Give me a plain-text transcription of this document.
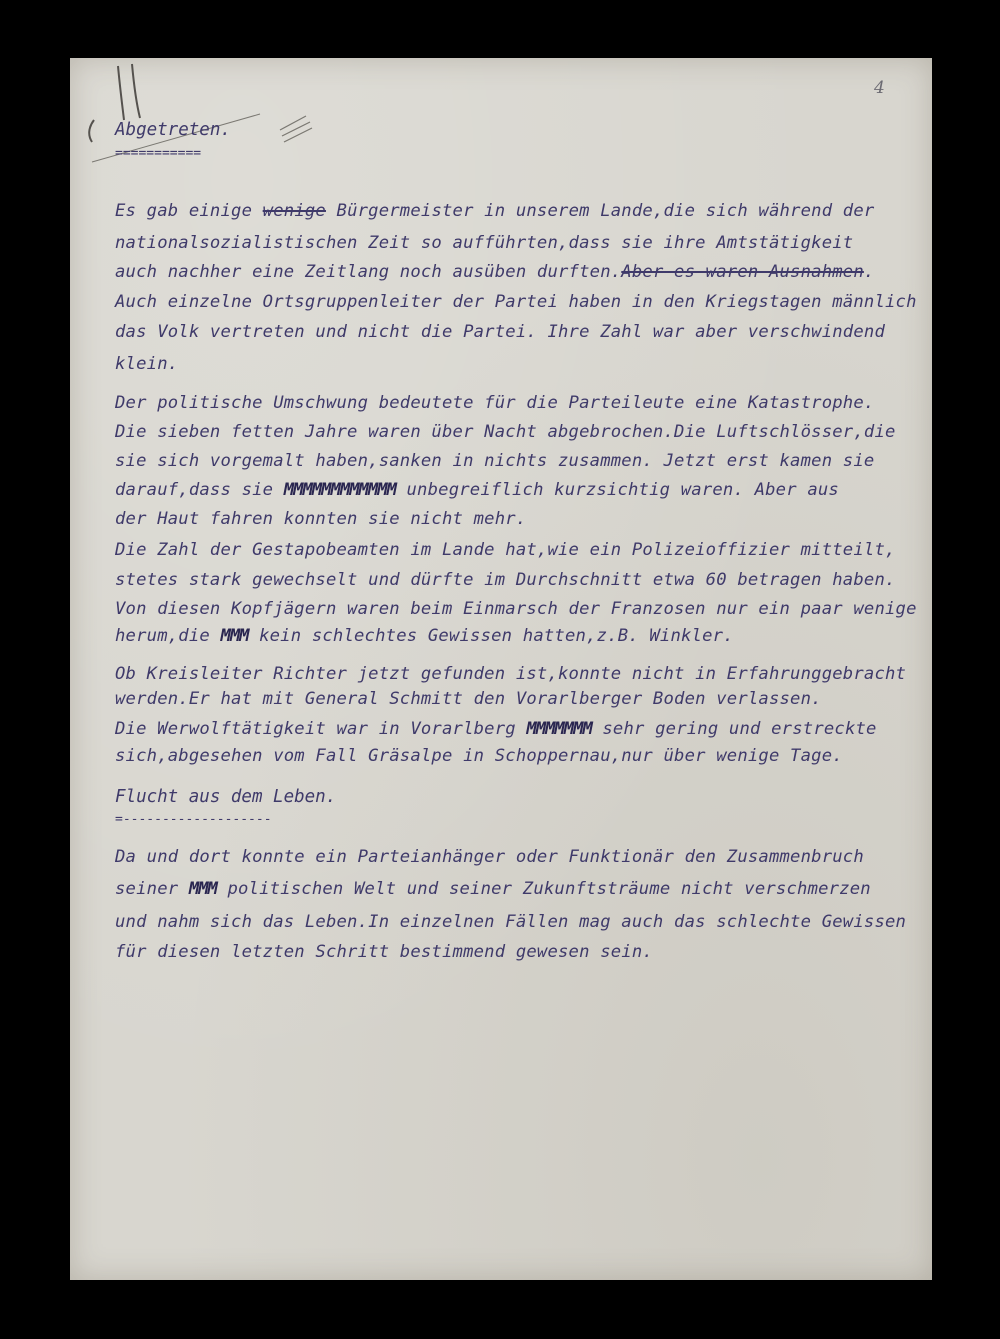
4
Abgetreten.
===========
Es gab einige wenige Bürgermeister in unserem Lande,die sich während der
nationalsozialistischen Zeit so aufführten,dass sie ihre Amtstätigkeit
auch nachher eine Zeitlang noch ausüben durften.Aber es waren Ausnahmen.
Auch einzelne Ortsgruppenleiter der Partei haben in den Kriegstagen männlich
das Volk vertreten und nicht die Partei. Ihre Zahl war aber verschwindend
klein.
Der politische Umschwung bedeutete für die Parteileute eine Katastrophe.
Die sieben fetten Jahre waren über Nacht abgebrochen.Die Luftschlösser,die
sie sich vorgemalt haben,sanken in nichts zusammen. Jetzt erst kamen sie
darauf,dass sie MMMMMMMMMMMM unbegreiflich kurzsichtig waren. Aber aus
der Haut fahren konnten sie nicht mehr.
Die Zahl der Gestapobeamten im Lande hat,wie ein Polizeioffizier mitteilt,
stetes stark gewechselt und dürfte im Durchschnitt etwa 60 betragen haben.
Von diesen Kopfjägern waren beim Einmarsch der Franzosen nur ein paar wenige
herum,die MMM kein schlechtes Gewissen hatten,z.B. Winkler.
Ob Kreisleiter Richter jetzt gefunden ist,konnte nicht in Erfahrunggebracht
werden.Er hat mit General Schmitt den Vorarlberger Boden verlassen.
Die Werwolftätigkeit war in Vorarlberg MMMMMMM sehr gering und erstreckte
sich,abgesehen vom Fall Gräsalpe in Schoppernau,nur über wenige Tage.
Flucht aus dem Leben.
=-------------------
Da und dort konnte ein Parteianhänger oder Funktionär den Zusammenbruch
seiner MMM politischen Welt und seiner Zukunftsträume nicht verschmerzen
und nahm sich das Leben.In einzelnen Fällen mag auch das schlechte Gewissen
für diesen letzten Schritt bestimmend gewesen sein.
